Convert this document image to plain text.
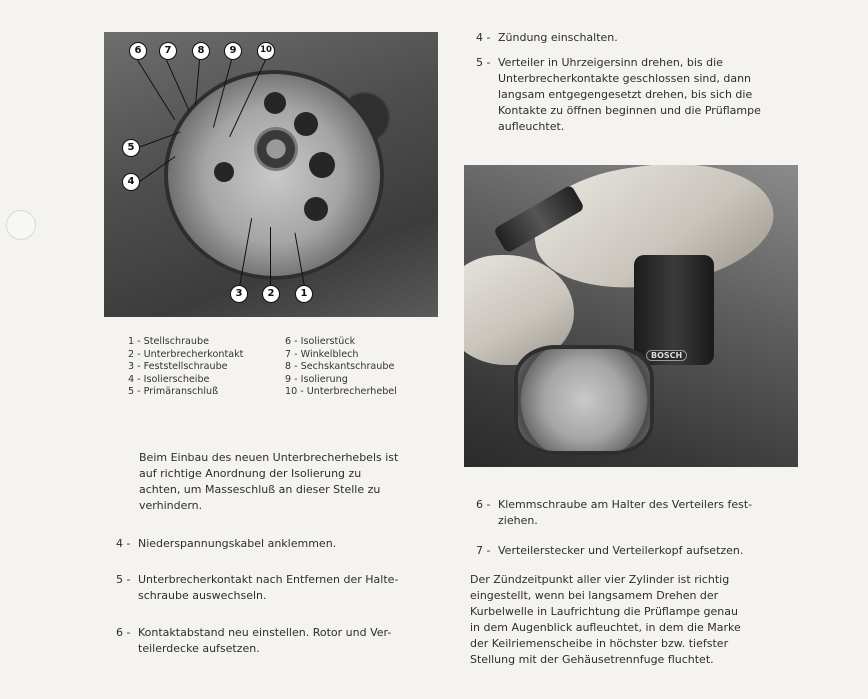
6	7	8	9	10
5
4
3	2	1
1 - Stellschraube
2 - Unterbrecherkontakt
3 - Feststellschraube
4 - Isolierscheibe
5 - Primäranschluß
6 - Isolierstück
7 - Winkelblech
8 - Sechskantschraube
9 - Isolierung
10 - Unterbrecherhebel
Beim Einbau des neuen Unterbrecherhebels ist
auf richtige Anordnung der Isolierung zu
achten, um Masseschluß an dieser Stelle zu
verhindern.
4 - Niederspannungskabel anklemmen.
5 - Unterbrecherkontakt nach Entfernen der Halte-
schraube auswechseln.
6 - Kontaktabstand neu einstellen. Rotor und Ver-
teilerdecke aufsetzen.
4 - Zündung einschalten.
5 - Verteiler in Uhrzeigersinn drehen, bis die
Unterbrecherkontakte geschlossen sind, dann
langsam entgegengesetzt drehen, bis sich die
Kontakte zu öffnen beginnen und die Prüflampe
aufleuchtet.
BOSCH
6 - Klemmschraube am Halter des Verteilers fest-
ziehen.
7 - Verteilerstecker und Verteilerkopf aufsetzen.
Der Zündzeitpunkt aller vier Zylinder ist richtig
eingestellt, wenn bei langsamem Drehen der
Kurbelwelle in Laufrichtung die Prüflampe genau
in dem Augenblick aufleuchtet, in dem die Marke
der Keilriemenscheibe in höchster bzw. tiefster
Stellung mit der Gehäusetrennfuge fluchtet.
